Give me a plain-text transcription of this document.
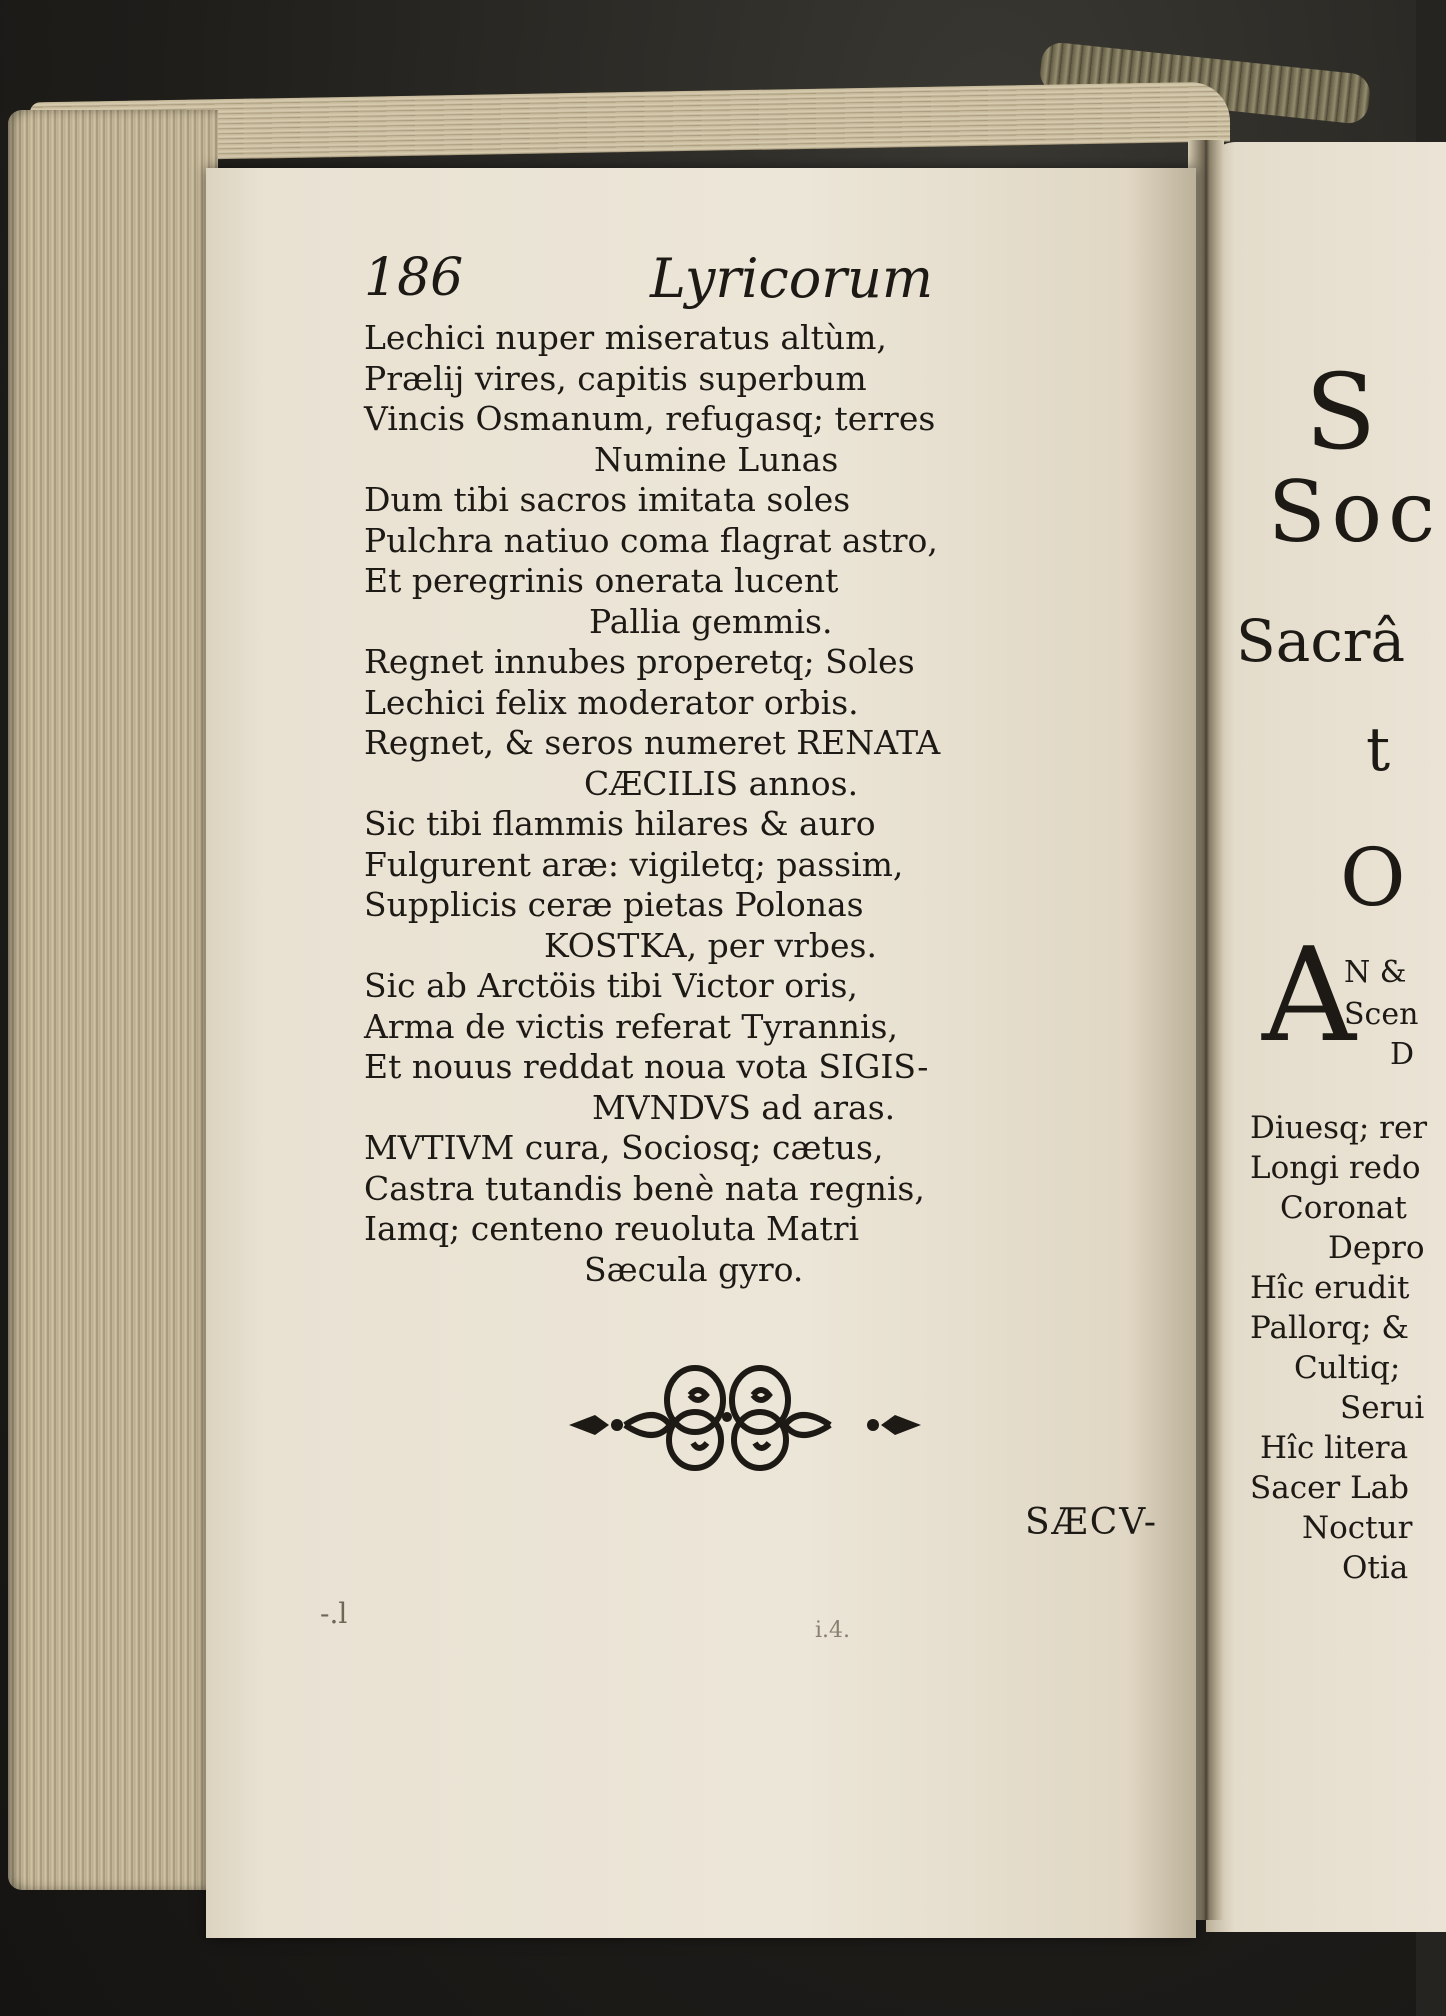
186	Lyricorum
Lechici nuper miseratus altùm,
Prælij vires, capitis superbum
Vincis Osmanum, refugasq; terres
Numine Lunas
Dum tibi sacros imitata soles
Pulchra natiuo coma flagrat astro,
Et peregrinis onerata lucent
Pallia gemmis.
Regnet innubes properetq; Soles
Lechici felix moderator orbis.
Regnet, & seros numeret RENATA
CÆCILIS annos.
Sic tibi flammis hilares & auro
Fulgurent aræ: vigiletq; passim,
Supplicis ceræ pietas Polonas
KOSTKA, per vrbes.
Sic ab Arctöis tibi Victor oris,
Arma de victis referat Tyrannis,
Et nouus reddat noua vota SIGIS-
MVNDVS ad aras.
MVTIVM cura, Sociosq; cætus,
Castra tutandis benè nata regnis,
Iamq; centeno reuoluta Matri
Sæcula gyro.
SÆCV-
-.l
i.4.
S
Soc
Sacrâ
t
O
A
N &
Scen
D
Diuesq; rer
Longi redo
Coronat
Depro
Hîc erudit
Pallorq; &
Cultiq;
Serui
Hîc litera
Sacer Lab
Noctur
Otia
